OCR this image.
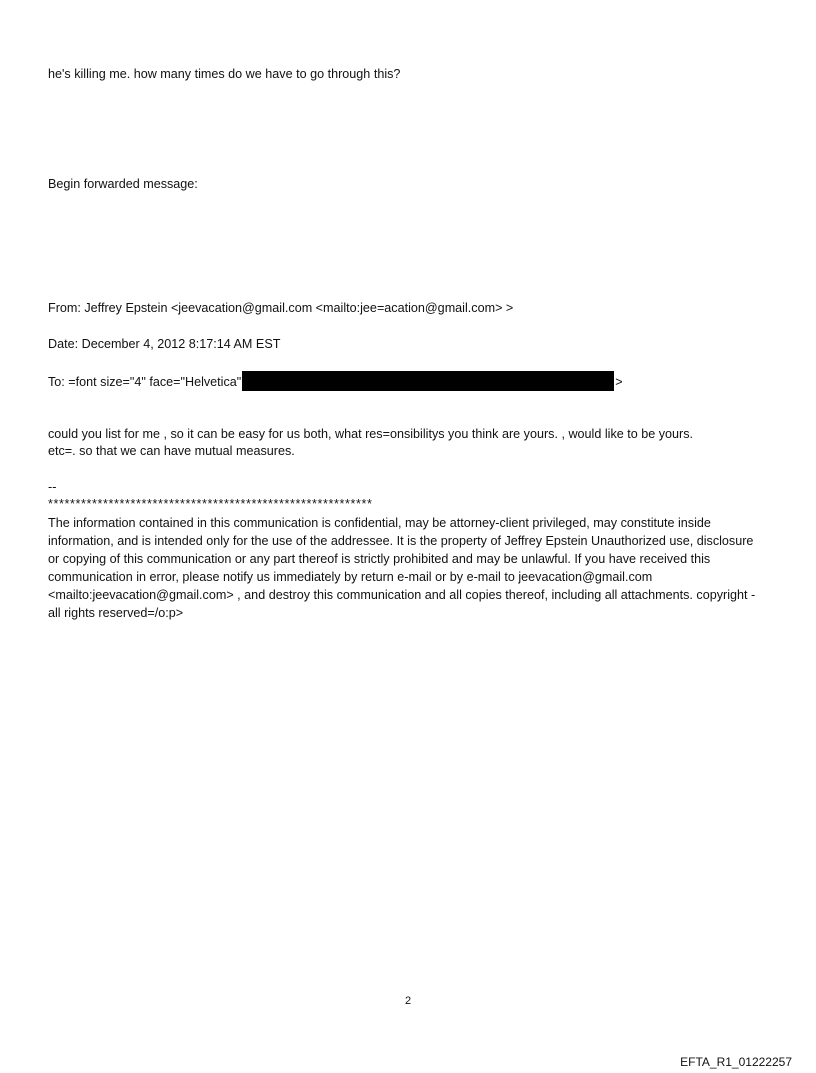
he's killing me. how many times do we have to go through this?
Begin forwarded message:
From: Jeffrey Epstein <jeevacation@gmail.com <mailto:jee=acation@gmail.com> >
Date: December 4, 2012 8:17:14 AM EST
To: =font size="4" face="Helvetica"	>
could you list for me , so it can be easy for us both, what res=onsibilitys you think are yours. , would like to be yours.
etc=. so that we can have mutual measures.
--
***********************************************************
The information contained in this communication is confidential, may be attorney-client privileged, may constitute inside information, and is intended only for the use of the addressee. It is the property of Jeffrey Epstein Unauthorized use, disclosure or copying of this communication or any part thereof is strictly prohibited and may be unlawful. If you have received this communication in error, please notify us immediately by return e-mail or by e-mail to jeevacation@gmail.com <mailto:jeevacation@gmail.com> , and destroy this communication and all copies thereof, including all attachments. copyright -all rights reserved=/o:p>
2
EFTA_R1_01222257
